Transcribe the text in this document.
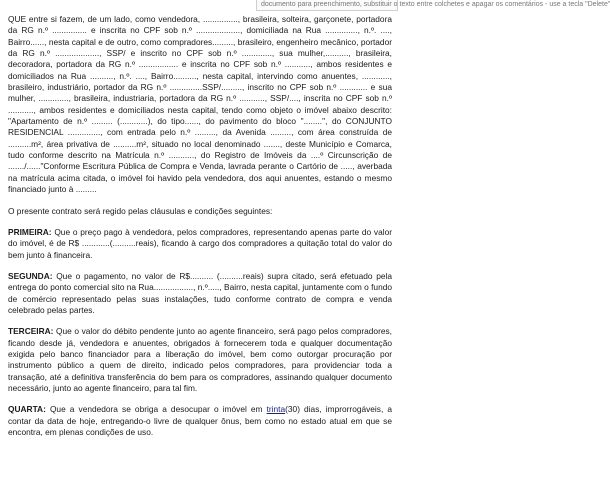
documento para preenchimento, substituir o texto entre colchetes e apagar os comentários - use a tecla "Delete"

QUE entre si fazem, de um lado, como vendedora, ..............., brasileira, solteira, garçonete, portadora da RG n.º ............... e inscrita no CPF sob n.º ..................., domiciliada na Rua .............., n.º. ...., Bairro......, nesta capital e de outro, como compradores........., brasileiro, engenheiro mecânico, portador da RG n.º ..................., SSP/ e inscrito no CPF sob n.º ............., sua mulher,.........., brasileira, decoradora, portadora da RG n.º ................. e inscrita no CPF sob n.º ..........., ambos residentes e domiciliados na Rua .........., n.º. ...., Bairro.........., nesta capital, intervindo como anuentes, ............, brasileiro, industriário, portador da RG n.º ..............SSP/........., inscrito no CPF sob n.º ............ e sua mulher, ............., brasileira, industriaria, portadora da RG n.º ..........., SSP/...., inscrita no CPF sob n.º ..........., ambos residentes e domiciliados nesta capital, tendo como objeto o imóvel abaixo descrito: "Apartamento de n.º ......... (............), do tipo......, do pavimento do bloco "........", do CONJUNTO RESIDENCIAL .............., com entrada pelo n.º ........., da Avenida ........., com área construída de ..........m², área privativa de ..........m², situado no local denominado ......., deste Município e Comarca, tudo conforme descrito na Matrícula n.º ..........., do Registro de Imóveis da ....º Circunscrição de ......./......"Conforme Escritura Pública de Compra e Venda, lavrada perante o Cartório de ....., averbada na matrícula acima citada, o imóvel foi havido pela vendedora, dos aqui anuentes, estando o mesmo financiado junto à .........

O presente contrato será regido pelas cláusulas e condições seguintes:

PRIMEIRA: Que o preço pago à vendedora, pelos compradores, representando apenas parte do valor do imóvel, é de R$ ............(..........reais), ficando à cargo dos compradores a quitação total do valor do bem junto à financeira.

SEGUNDA: Que o pagamento, no valor de R$.......... (..........reais) supra citado, será efetuado pela entrega do ponto comercial sito na Rua................., n.º....., Bairro, nesta capital, juntamente com o fundo de comércio representado pelas suas instalações, tudo conforme contrato de compra e venda celebrado pelas partes.

TERCEIRA: Que o valor do débito pendente junto ao agente financeiro, será pago pelos compradores, ficando desde já, vendedora e anuentes, obrigados à fornecerem toda e qualquer documentação exigida pelo banco financiador para a liberação do imóvel, bem como outorgar procuração por instrumento público a quem de direito, indicado pelos compradores, para providenciar toda a transação, até a definitiva transferência do bem para os compradores, assinando qualquer documento necessário, junto ao agente financeiro, para tal fim.

QUARTA: Que a vendedora se obriga a desocupar o imóvel em trinta(30) dias, improrrogáveis, a contar da data de hoje, entregando-o livre de qualquer ônus, bem como no estado atual em que se encontra, em plenas condições de uso.
